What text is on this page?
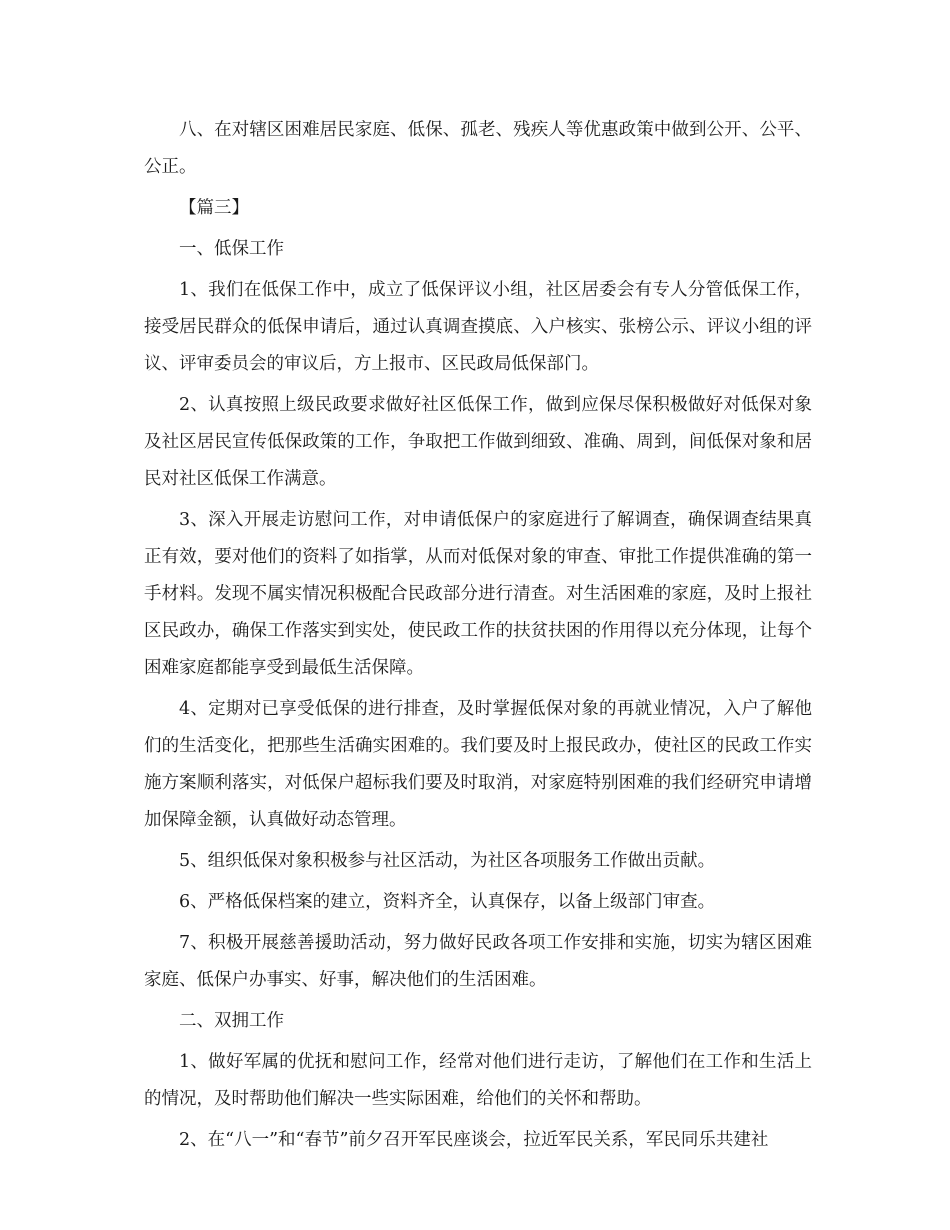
八、在对辖区困难居民家庭、低保、孤老、残疾人等优惠政策中做到公开、公平、公正。

【篇三】

一、低保工作

1、我们在低保工作中，成立了低保评议小组，社区居委会有专人分管低保工作，接受居民群众的低保申请后，通过认真调查摸底、入户核实、张榜公示、评议小组的评议、评审委员会的审议后，方上报市、区民政局低保部门。

2、认真按照上级民政要求做好社区低保工作，做到应保尽保积极做好对低保对象及社区居民宣传低保政策的工作，争取把工作做到细致、准确、周到，间低保对象和居民对社区低保工作满意。

3、深入开展走访慰问工作，对申请低保户的家庭进行了解调查，确保调查结果真正有效，要对他们的资料了如指掌，从而对低保对象的审查、审批工作提供准确的第一手材料。发现不属实情况积极配合民政部分进行清查。对生活困难的家庭，及时上报社区民政办，确保工作落实到实处，使民政工作的扶贫扶困的作用得以充分体现，让每个困难家庭都能享受到最低生活保障。

4、定期对已享受低保的进行排查，及时掌握低保对象的再就业情况，入户了解他们的生活变化，把那些生活确实困难的。我们要及时上报民政办，使社区的民政工作实施方案顺利落实，对低保户超标我们要及时取消，对家庭特别困难的我们经研究申请增加保障金额，认真做好动态管理。

5、组织低保对象积极参与社区活动，为社区各项服务工作做出贡献。

6、严格低保档案的建立，资料齐全，认真保存，以备上级部门审查。

7、积极开展慈善援助活动，努力做好民政各项工作安排和实施，切实为辖区困难家庭、低保户办事实、好事，解决他们的生活困难。

二、双拥工作

1、做好军属的优抚和慰问工作，经常对他们进行走访，了解他们在工作和生活上的情况，及时帮助他们解决一些实际困难，给他们的关怀和帮助。

2、在“八一”和“春节”前夕召开军民座谈会，拉近军民关系，军民同乐共建社
